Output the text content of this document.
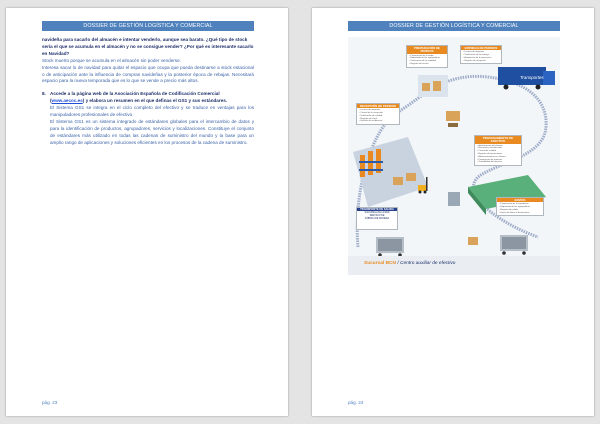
DOSSIER DE GESTIÓN LOGÍSTICA Y COMERCIAL

navideña para sacarlo del almacén e intentar venderlo, aunque sea barato. ¿Qué tipo de stock sería el que se acumula en el almacén y no se consigue vender? ¿Por qué es interesante sacarlo en Navidad?

Stock muerto porque se acumula en el almacén sin poder venderse.

Interesa sacar lo de navidad para quitar el espacio que ocupa que pueda destinarse a stock estacional o de anticipación ante la influencia de compras navideñas y la posterior época de rebajas. Necesitará espacio para la nueva temporada que es lo que se vende a precio más altos.

8. Accede a la página web de la Asociación Española de Codificación Comercial (www.aecoc.es) y elabora un resumen en el que definas el GS1 y sus estándares.

El Sistema GS1 se integra en el ciclo completo del efectivo y se traduce en ventajas para los manipuladores profesionales de efectivo.

El Sistema GS1 es un sistema integrado de estándares globales para el intercambio de datos y para la identificación de productos, agrupadores, servicios y localizaciones. Constituye el conjunto de estándares más utilizado en todas las cadenas de suministro del mundo y la base para un amplio rango de aplicaciones y soluciones eficientes en los procesos de la cadena de suministro.

pág. 23
DOSSIER DE GESTIÓN LOGÍSTICA Y COMERCIAL
Transportes
PREPARACIÓN DE PEDIDOS
• Preparación de la orden
• Etiquetado de los agrupadores
• Verificación de la cantidad
• Registro de envíos
ENTREGA DE PEDIDOS
• Lectura de etiquetas
• Verificación de la entrega
• Aceptación de la mercancía
• Registro de recepción
RECEPCIÓN DE PEDIDOS
• Lectura de etiquetas
• Control de la recepción
• Verificación de calidad
• Registro de stock
• Gestión de incidencias
PROCESAMIENTO DE EFECTIVO
• Identificación del efectivo
• Recuento y clasificación
• Control de calidad
• Registro de operaciones
• Almacenamiento en cámara
• Preparación de remesas
• Trazabilidad del efectivo
ENVÍOS
• Preparación de la expedición
• Etiquetado de los agrupadores
• Registro de salida
• Envío de datos al destinatario
TRANSPORTE DE SALIDA
SUCURSAL DE LA RED
SERVICIO DE
FÁBRICA DE MONEDA
Sucursal BCN / Centro auxiliar de efectivo
pág. 24
